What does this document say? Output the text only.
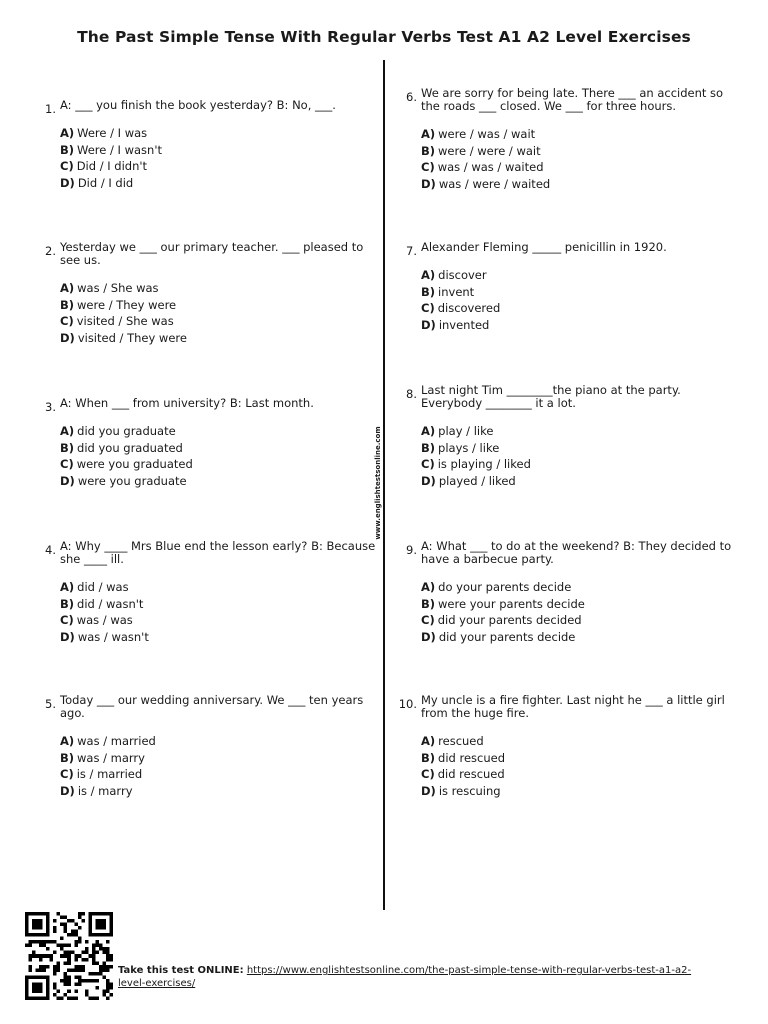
The Past Simple Tense With Regular Verbs Test A1 A2 Level Exercises
www.englishtestsonline.com
1. A: ___ you finish the book yesterday? B: No, ___.
A) Were / I was
B) Were / I wasn't
C) Did / I didn't
D) Did / I did
2. Yesterday we ___ our primary teacher. ___ pleased to see us.
A) was / She was
B) were / They were
C) visited / She was
D) visited / They were
3. A: When ___ from university? B: Last month.
A) did you graduate
B) did you graduated
C) were you graduated
D) were you graduate
4. A: Why ____ Mrs Blue end the lesson early? B: Because she ____ ill.
A) did / was
B) did / wasn't
C) was / was
D) was / wasn't
5. Today ___ our wedding anniversary. We ___ ten years ago.
A) was / married
B) was / marry
C) is / married
D) is / marry
6. We are sorry for being late. There ___ an accident so the roads ___ closed. We ___ for three hours.
A) were / was / wait
B) were / were / wait
C) was / was / waited
D) was / were / waited
7. Alexander Fleming _____ penicillin in 1920.
A) discover
B) invent
C) discovered
D) invented
8. Last night Tim ________the piano at the party. Everybody ________ it a lot.
A) play / like
B) plays / like
C) is playing / liked
D) played / liked
9. A: What ___ to do at the weekend? B: They decided to have a barbecue party.
A) do your parents decide
B) were your parents decide
C) did your parents decided
D) did your parents decide
10. My uncle is a fire fighter. Last night he ___ a little girl from the huge fire.
A) rescued
B) did rescued
C) did rescued
D) is rescuing
Take this test ONLINE: https://www.englishtestsonline.com/the-past-simple-tense-with-regular-verbs-test-a1-a2-level-exercises/
